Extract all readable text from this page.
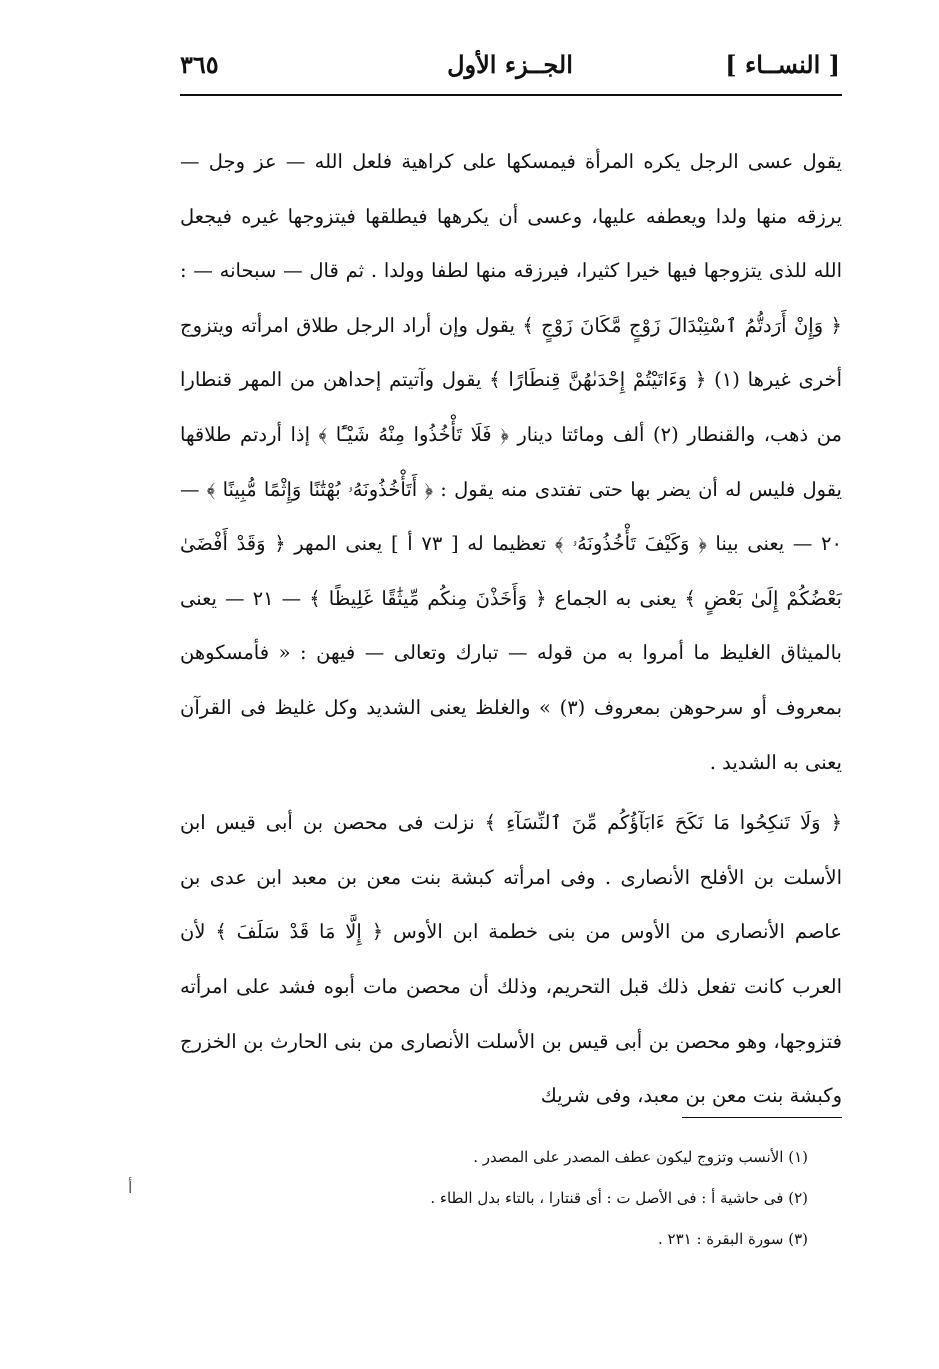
[ النســاء ]
الجــزء الأول
٣٦٥

يقول عسى الرجل يكره المرأة فيمسكها على كراهية فلعل الله — عز وجل — يرزقه منها ولدا ويعطفه عليها، وعسى أن يكرهها فيطلقها فيتزوجها غيره فيجعل الله للذى يتزوجها فيها خيرا كثيرا، فيرزقه منها لطفا وولدا . ثم قال — سبحانه — : ﴿ وَإِنْ أَرَدتُّمُ ٱسْتِبْدَالَ زَوْجٍ مَّكَانَ زَوْجٍ ﴾ يقول وإن أراد الرجل طلاق امرأته ويتزوج أخرى غيرها (١) ﴿ وَءَاتَيْتُمْ إِحْدَىٰهُنَّ قِنطَارًا ﴾ يقول وآتيتم إحداهن من المهر قنطارا من ذهب، والقنطار (٢) ألف ومائتا دينار ﴿ فَلَا تَأْخُذُوا مِنْهُ شَيْـًٔا ﴾ إذا أردتم طلاقها يقول فليس له أن يضر بها حتى تفتدى منه يقول : ﴿ أَتَأْخُذُونَهُۥ بُهْتَٰنًا وَإِثْمًا مُّبِينًا ﴾ — ٢٠ — يعنى بينا ﴿ وَكَيْفَ تَأْخُذُونَهُۥ ﴾ تعظيما له [ ٧٣ أ ] يعنى المهر ﴿ وَقَدْ أَفْضَىٰ بَعْضُكُمْ إِلَىٰ بَعْضٍ ﴾ يعنى به الجماع ﴿ وَأَخَذْنَ مِنكُم مِّيثَٰقًا غَلِيظًا ﴾ — ٢١ — يعنى بالميثاق الغليظ ما أمروا به من قوله — تبارك وتعالى — فيهن : « فأمسكوهن بمعروف أو سرحوهن بمعروف (٣) » والغلظ يعنى الشديد وكل غليظ فى القرآن يعنى به الشديد .

﴿ وَلَا تَنكِحُوا مَا نَكَحَ ءَابَآؤُكُم مِّنَ ٱلنِّسَآءِ ﴾ نزلت فى محصن بن أبى قيس ابن الأسلت بن الأفلح الأنصارى . وفى امرأته كبشة بنت معن بن معبد ابن عدى بن عاصم الأنصارى من الأوس من بنى خطمة ابن الأوس ﴿ إِلَّا مَا قَدْ سَلَفَ ﴾ لأن العرب كانت تفعل ذلك قبل التحريم، وذلك أن محصن مات أبوه فشد على امرأته فتزوجها، وهو محصن بن أبى قيس بن الأسلت الأنصارى من بنى الحارث بن الخزرج وكبشة بنت معن بن معبد، وفى شريك

(١) الأنسب وتزوج ليكون عطف المصدر على المصدر .
(٢) فى حاشية أ : فى الأصل ت : أى قنتارا ، بالتاء بدل الطاء .
(٣) سورة البقرة : ٢٣١ .
أ
